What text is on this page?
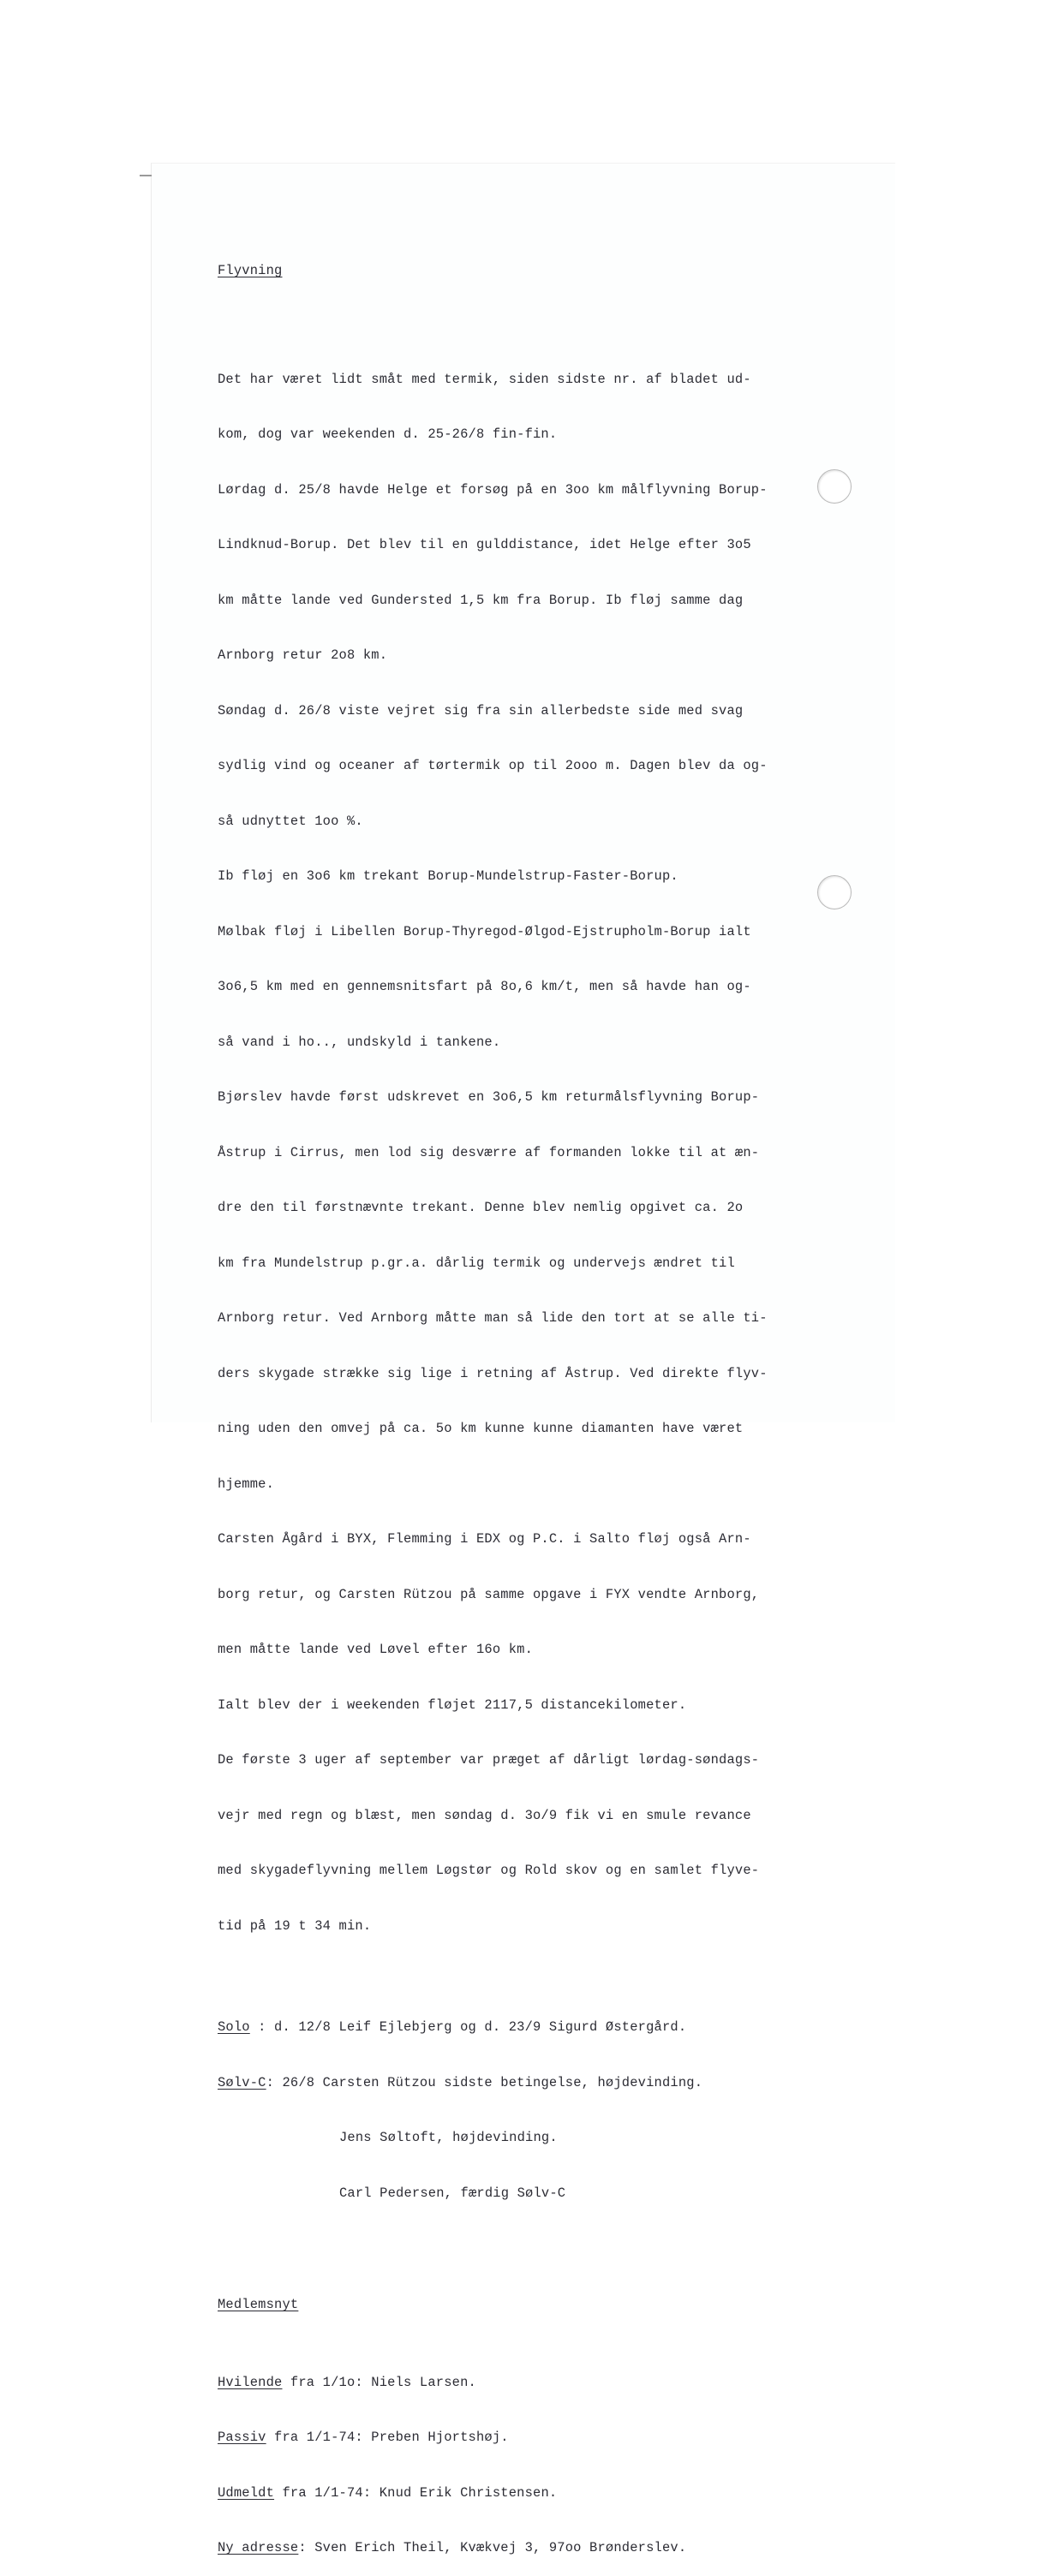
Flyvning

Det har været lidt småt med termik, siden sidste nr. af bladet ud-

kom, dog var weekenden d. 25-26/8 fin-fin.

Lørdag d. 25/8 havde Helge et forsøg på en 3oo km målflyvning Borup-

Lindknud-Borup. Det blev til en gulddistance, idet Helge efter 3o5

km måtte lande ved Gundersted 1,5 km fra Borup. Ib fløj samme dag

Arnborg retur 2o8 km.

Søndag d. 26/8 viste vejret sig fra sin allerbedste side med svag

sydlig vind og oceaner af tørtermik op til 2ooo m. Dagen blev da og-

så udnyttet 1oo %.

Ib fløj en 3o6 km trekant Borup-Mundelstrup-Faster-Borup.

Mølbak fløj i Libellen Borup-Thyregod-Ølgod-Ejstrupholm-Borup ialt

3o6,5 km med en gennemsnitsfart på 8o,6 km/t, men så havde han og-

så vand i ho.., undskyld i tankene.

Bjørslev havde først udskrevet en 3o6,5 km returmålsflyvning Borup-

Åstrup i Cirrus, men lod sig desværre af formanden lokke til at æn-

dre den til førstnævnte trekant. Denne blev nemlig opgivet ca. 2o

km fra Mundelstrup p.gr.a. dårlig termik og undervejs ændret til

Arnborg retur. Ved Arnborg måtte man så lide den tort at se alle ti-

ders skygade strække sig lige i retning af Åstrup. Ved direkte flyv-

ning uden den omvej på ca. 5o km kunne kunne diamanten have været

hjemme.

Carsten Ågård i BYX, Flemming i EDX og P.C. i Salto fløj også Arn-

borg retur, og Carsten Rützou på samme opgave i FYX vendte Arnborg,

men måtte lande ved Løvel efter 16o km.

Ialt blev der i weekenden fløjet 2117,5 distancekilometer.

De første 3 uger af september var præget af dårligt lørdag-søndags-

vejr med regn og blæst, men søndag d. 3o/9 fik vi en smule revance

med skygadeflyvning mellem Løgstør og Rold skov og en samlet flyve-

tid på 19 t 34 min.

Solo : d. 12/8 Leif Ejlebjerg og d. 23/9 Sigurd Østergård.

Sølv-C: 26/8 Carsten Rützou sidste betingelse, højdevinding.

Jens Søltoft, højdevinding.

Carl Pedersen, færdig Sølv-C

Medlemsnyt

Hvilende fra 1/1o: Niels Larsen.

Passiv fra 1/1-74: Preben Hjortshøj.

Udmeldt fra 1/1-74: Knud Erik Christensen.

Ny adresse: Sven Erich Theil, Kvækvej 3, 97oo Brønderslev.
